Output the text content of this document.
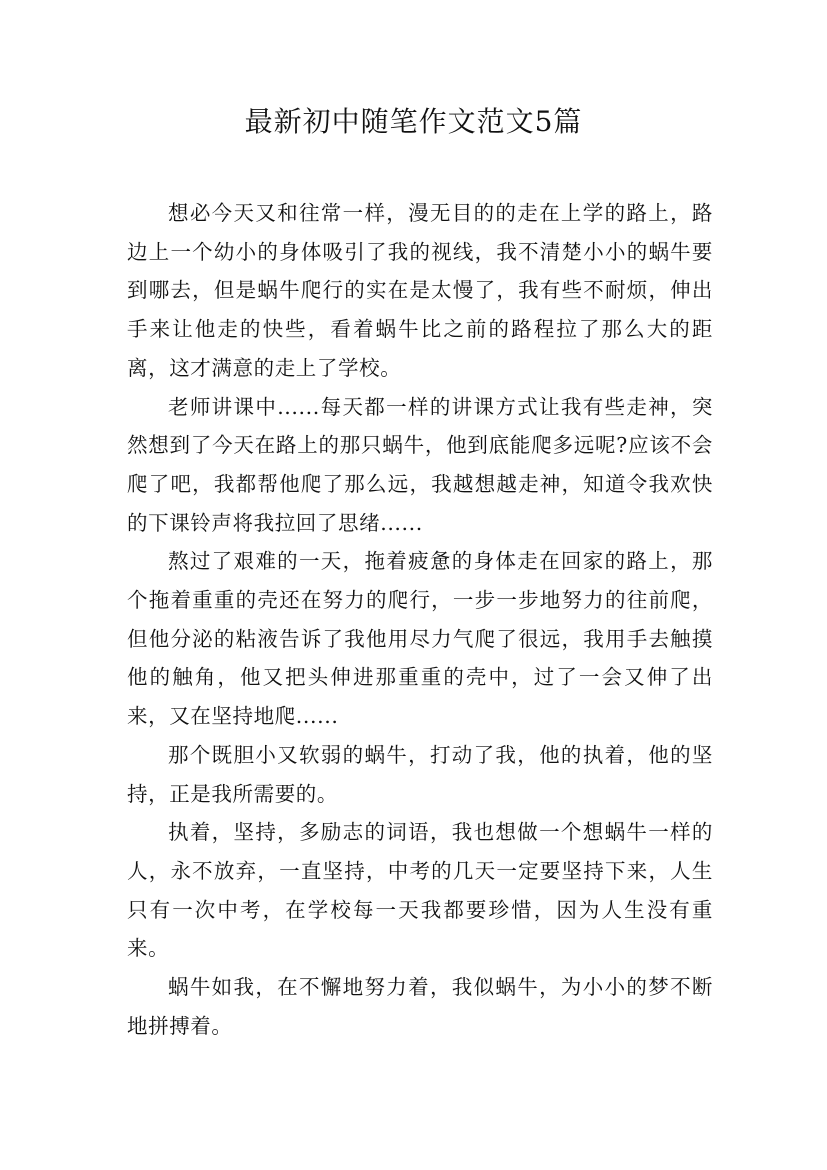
最新初中随笔作文范文5篇

想必今天又和往常一样，漫无目的的走在上学的路上，路边上一个幼小的身体吸引了我的视线，我不清楚小小的蜗牛要到哪去，但是蜗牛爬行的实在是太慢了，我有些不耐烦，伸出手来让他走的快些，看着蜗牛比之前的路程拉了那么大的距离，这才满意的走上了学校。

老师讲课中......每天都一样的讲课方式让我有些走神，突然想到了今天在路上的那只蜗牛，他到底能爬多远呢?应该不会爬了吧，我都帮他爬了那么远，我越想越走神，知道令我欢快的下课铃声将我拉回了思绪......

熬过了艰难的一天，拖着疲惫的身体走在回家的路上，那个拖着重重的壳还在努力的爬行，一步一步地努力的往前爬，但他分泌的粘液告诉了我他用尽力气爬了很远，我用手去触摸他的触角，他又把头伸进那重重的壳中，过了一会又伸了出来，又在坚持地爬......

那个既胆小又软弱的蜗牛，打动了我，他的执着，他的坚持，正是我所需要的。

执着，坚持，多励志的词语，我也想做一个想蜗牛一样的人，永不放弃，一直坚持，中考的几天一定要坚持下来，人生只有一次中考，在学校每一天我都要珍惜，因为人生没有重来。

蜗牛如我，在不懈地努力着，我似蜗牛，为小小的梦不断地拼搏着。
